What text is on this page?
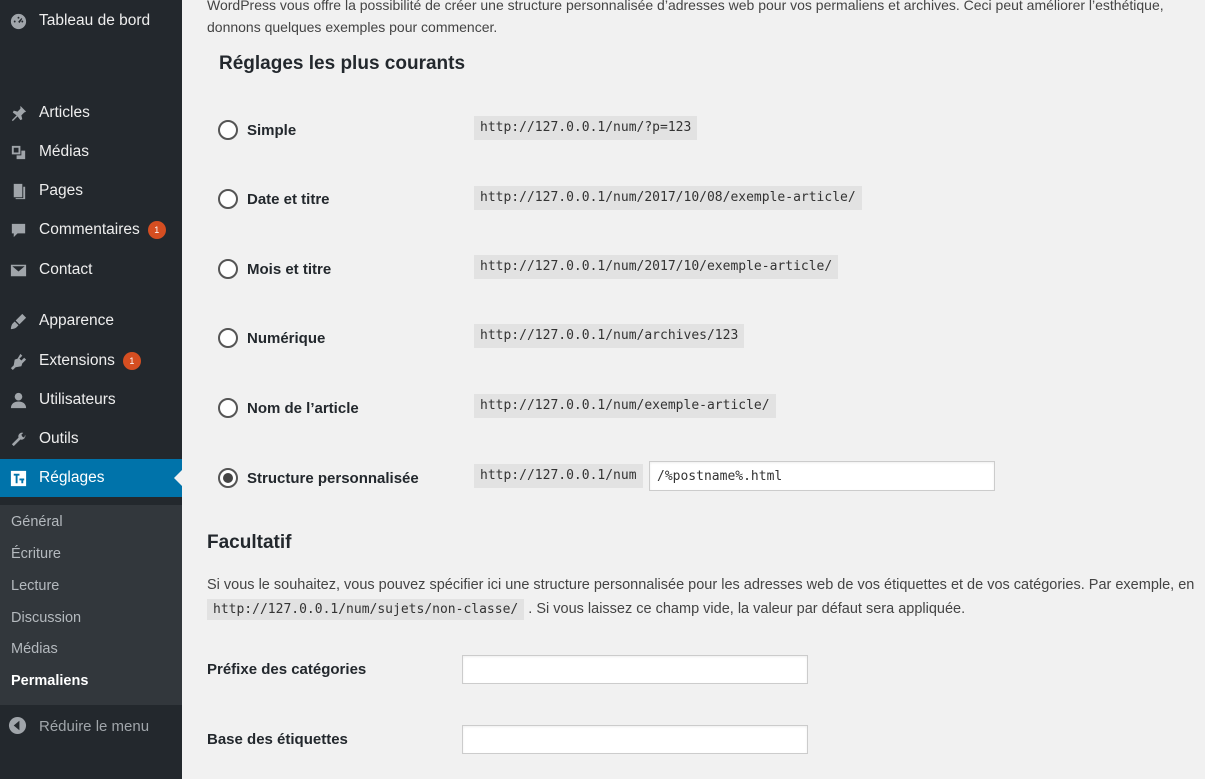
Tableau de bord
Articles
Médias
Pages
Commentaires	1
Contact
Apparence
Extensions	1
Utilisateurs
Outils
Réglages
Général
Écriture
Lecture
Discussion
Médias
Permaliens
Réduire le menu
WordPress vous offre la possibilité de créer une structure personnalisée d’adresses web pour vos permaliens et archives. Ceci peut améliorer l’esthétique,
donnons quelques exemples pour commencer.
Réglages les plus courants
Simple	http://127.0.0.1/num/?p=123
Date et titre	http://127.0.0.1/num/2017/10/08/exemple-article/
Mois et titre	http://127.0.0.1/num/2017/10/exemple-article/
Numérique	http://127.0.0.1/num/archives/123
Nom de l’article	http://127.0.0.1/num/exemple-article/
Structure personnalisée	http://127.0.0.1/num	/%postname%.html
Facultatif
Si vous le souhaitez, vous pouvez spécifier ici une structure personnalisée pour les adresses web de vos étiquettes et de vos catégories. Par exemple, en
http://127.0.0.1/num/sujets/non-classe/ . Si vous laissez ce champ vide, la valeur par défaut sera appliquée.
Préfixe des catégories
Base des étiquettes
